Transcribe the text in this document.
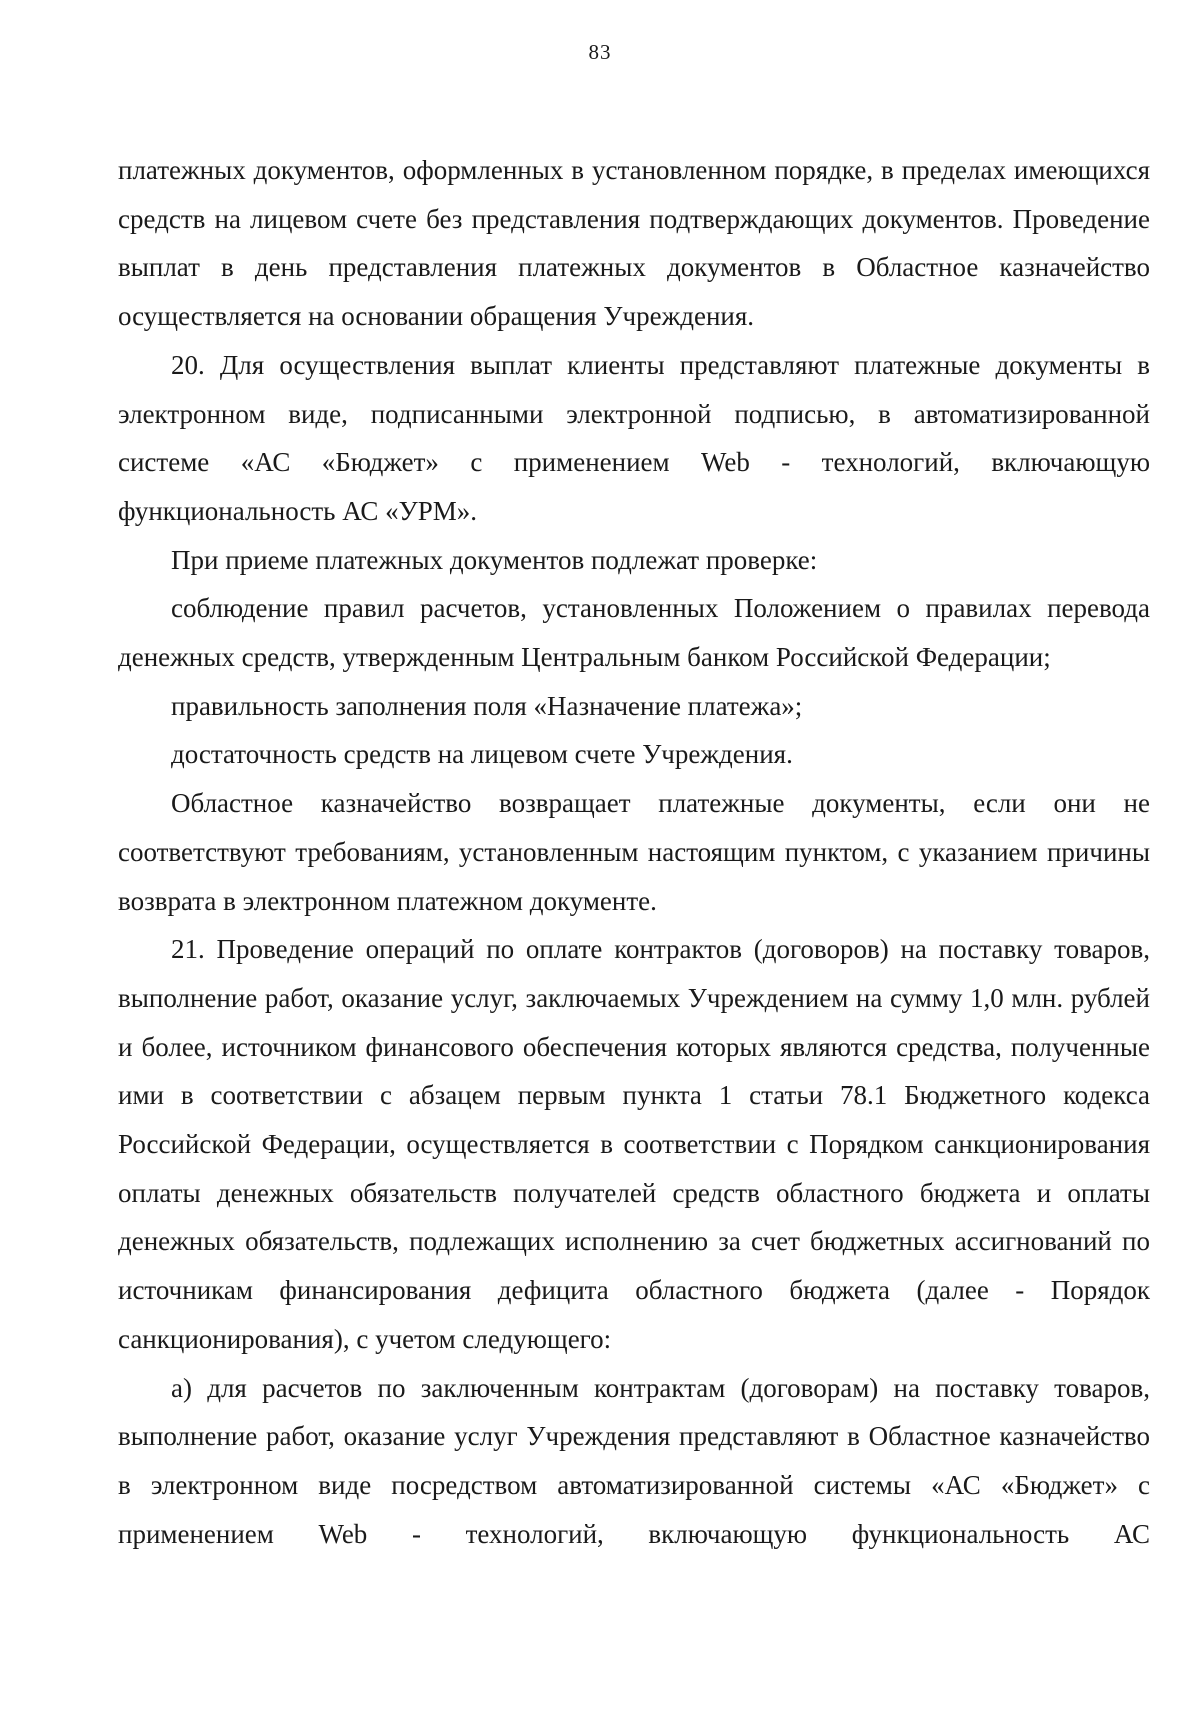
83

платежных документов, оформленных в установленном порядке, в пределах имеющихся средств на лицевом счете без представления подтверждающих документов. Проведение выплат в день представления платежных документов в Областное казначейство осуществляется на основании обращения Учреждения.

20. Для осуществления выплат клиенты представляют платежные документы в электронном виде, подписанными электронной подписью, в автоматизированной системе «АС «Бюджет» с применением Web - технологий, включающую функциональность АС «УРМ».

При приеме платежных документов подлежат проверке:

соблюдение правил расчетов, установленных Положением о правилах перевода денежных средств, утвержденным Центральным банком Российской Федерации;

правильность заполнения поля «Назначение платежа»;

достаточность средств на лицевом счете Учреждения.

Областное казначейство возвращает платежные документы, если они не соответствуют требованиям, установленным настоящим пунктом, с указанием причины возврата в электронном платежном документе.

21. Проведение операций по оплате контрактов (договоров) на поставку товаров, выполнение работ, оказание услуг, заключаемых Учреждением на сумму 1,0 млн. рублей и более, источником финансового обеспечения которых являются средства, полученные ими в соответствии с абзацем первым пункта 1 статьи 78.1 Бюджетного кодекса Российской Федерации, осуществляется в соответствии с Порядком санкционирования оплаты денежных обязательств получателей средств областного бюджета и оплаты денежных обязательств, подлежащих исполнению за счет бюджетных ассигнований по источникам финансирования дефицита областного бюджета (далее - Порядок санкционирования), с учетом следующего:

а) для расчетов по заключенным контрактам (договорам) на поставку товаров, выполнение работ, оказание услуг Учреждения представляют в Областное казначейство в электронном виде посредством автоматизированной системы «АС «Бюджет» с применением Web - технологий, включающую функциональность АС
